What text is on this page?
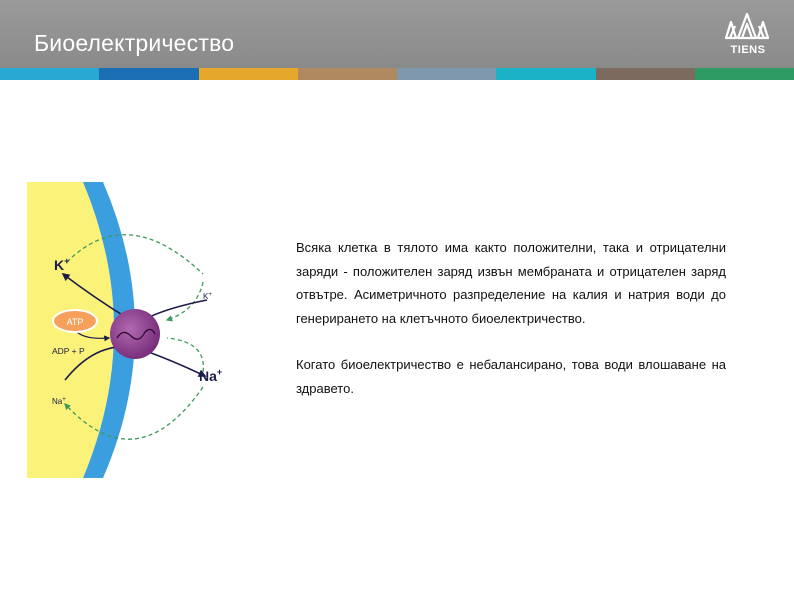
Биоелектричество	TIENS
K+
K+
ATP
ADP + P
Na+
Na+

Всяка клетка в тялото има както положителни, така и отрицателни заряди - положителен заряд извън мембраната и отрицателен заряд отвътре. Асиметричното разпределение на калия и натрия води до генерирането на клетъчното биоелектричество.

Когато биоелектричество е небалансирано, това води влошаване на здравето.
